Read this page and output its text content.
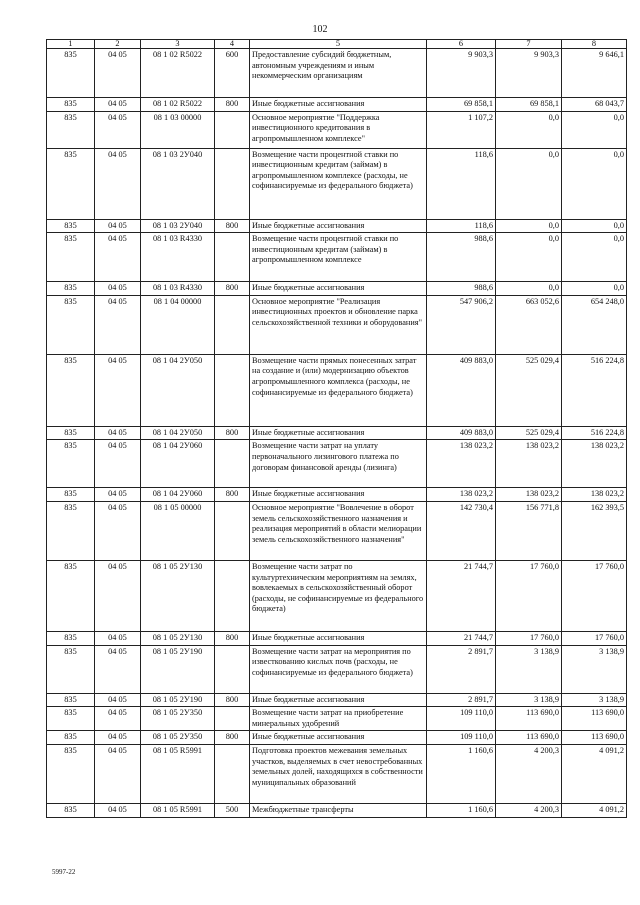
102
1	2	3	4	5	6	7	8
835	04 05	08 1 02 R5022	600	Предоставление субсидий бюджетным, автономным учреждениям и иным некоммерческим организациям	9 903,3	9 903,3	9 646,1
835	04 05	08 1 02 R5022	800	Иные бюджетные ассигнования	69 858,1	69 858,1	68 043,7
835	04 05	08 1 03 00000		Основное мероприятие "Поддержка инвестиционного кредитования в агропромышленном комплексе"	1 107,2	0,0	0,0
835	04 05	08 1 03 2У040		Возмещение части процентной ставки по инвестиционным кредитам (займам) в агропромышленном комплексе (расходы, не софинансируемые из федерального бюджета)	118,6	0,0	0,0
835	04 05	08 1 03 2У040	800	Иные бюджетные ассигнования	118,6	0,0	0,0
835	04 05	08 1 03 R4330		Возмещение части процентной ставки по инвестиционным кредитам (займам) в агропромышленном комплексе	988,6	0,0	0,0
835	04 05	08 1 03 R4330	800	Иные бюджетные ассигнования	988,6	0,0	0,0
835	04 05	08 1 04 00000		Основное мероприятие "Реализация инвестиционных проектов и обновление парка сельскохозяйственной техники и оборудования"	547 906,2	663 052,6	654 248,0
835	04 05	08 1 04 2У050		Возмещение части прямых понесенных затрат на создание и (или) модернизацию объектов агропромышленного комплекса (расходы, не софинансируемые из федерального бюджета)	409 883,0	525 029,4	516 224,8
835	04 05	08 1 04 2У050	800	Иные бюджетные ассигнования	409 883,0	525 029,4	516 224,8
835	04 05	08 1 04 2У060		Возмещение части затрат на уплату первоначального лизингового платежа по договорам финансовой аренды (лизинга)	138 023,2	138 023,2	138 023,2
835	04 05	08 1 04 2У060	800	Иные бюджетные ассигнования	138 023,2	138 023,2	138 023,2
835	04 05	08 1 05 00000		Основное мероприятие "Вовлечение в оборот земель сельскохозяйственного назначения и реализация мероприятий в области мелиорации земель сельскохозяйственного назначения"	142 730,4	156 771,8	162 393,5
835	04 05	08 1 05 2У130		Возмещение части затрат по культуртехническим мероприятиям на землях, вовлекаемых в сельскохозяйственный оборот (расходы, не софинансируемые из федерального бюджета)	21 744,7	17 760,0	17 760,0
835	04 05	08 1 05 2У130	800	Иные бюджетные ассигнования	21 744,7	17 760,0	17 760,0
835	04 05	08 1 05 2У190		Возмещение части затрат на мероприятия по известкованию кислых почв (расходы, не софинансируемые из федерального бюджета)	2 891,7	3 138,9	3 138,9
835	04 05	08 1 05 2У190	800	Иные бюджетные ассигнования	2 891,7	3 138,9	3 138,9
835	04 05	08 1 05 2У350		Возмещение части затрат на приобретение минеральных удобрений	109 110,0	113 690,0	113 690,0
835	04 05	08 1 05 2У350	800	Иные бюджетные ассигнования	109 110,0	113 690,0	113 690,0
835	04 05	08 1 05 R5991		Подготовка проектов межевания земельных участков, выделяемых в счет невостребованных земельных долей, находящихся в собственности муниципальных образований	1 160,6	4 200,3	4 091,2
835	04 05	08 1 05 R5991	500	Межбюджетные трансферты	1 160,6	4 200,3	4 091,2
5997-22
